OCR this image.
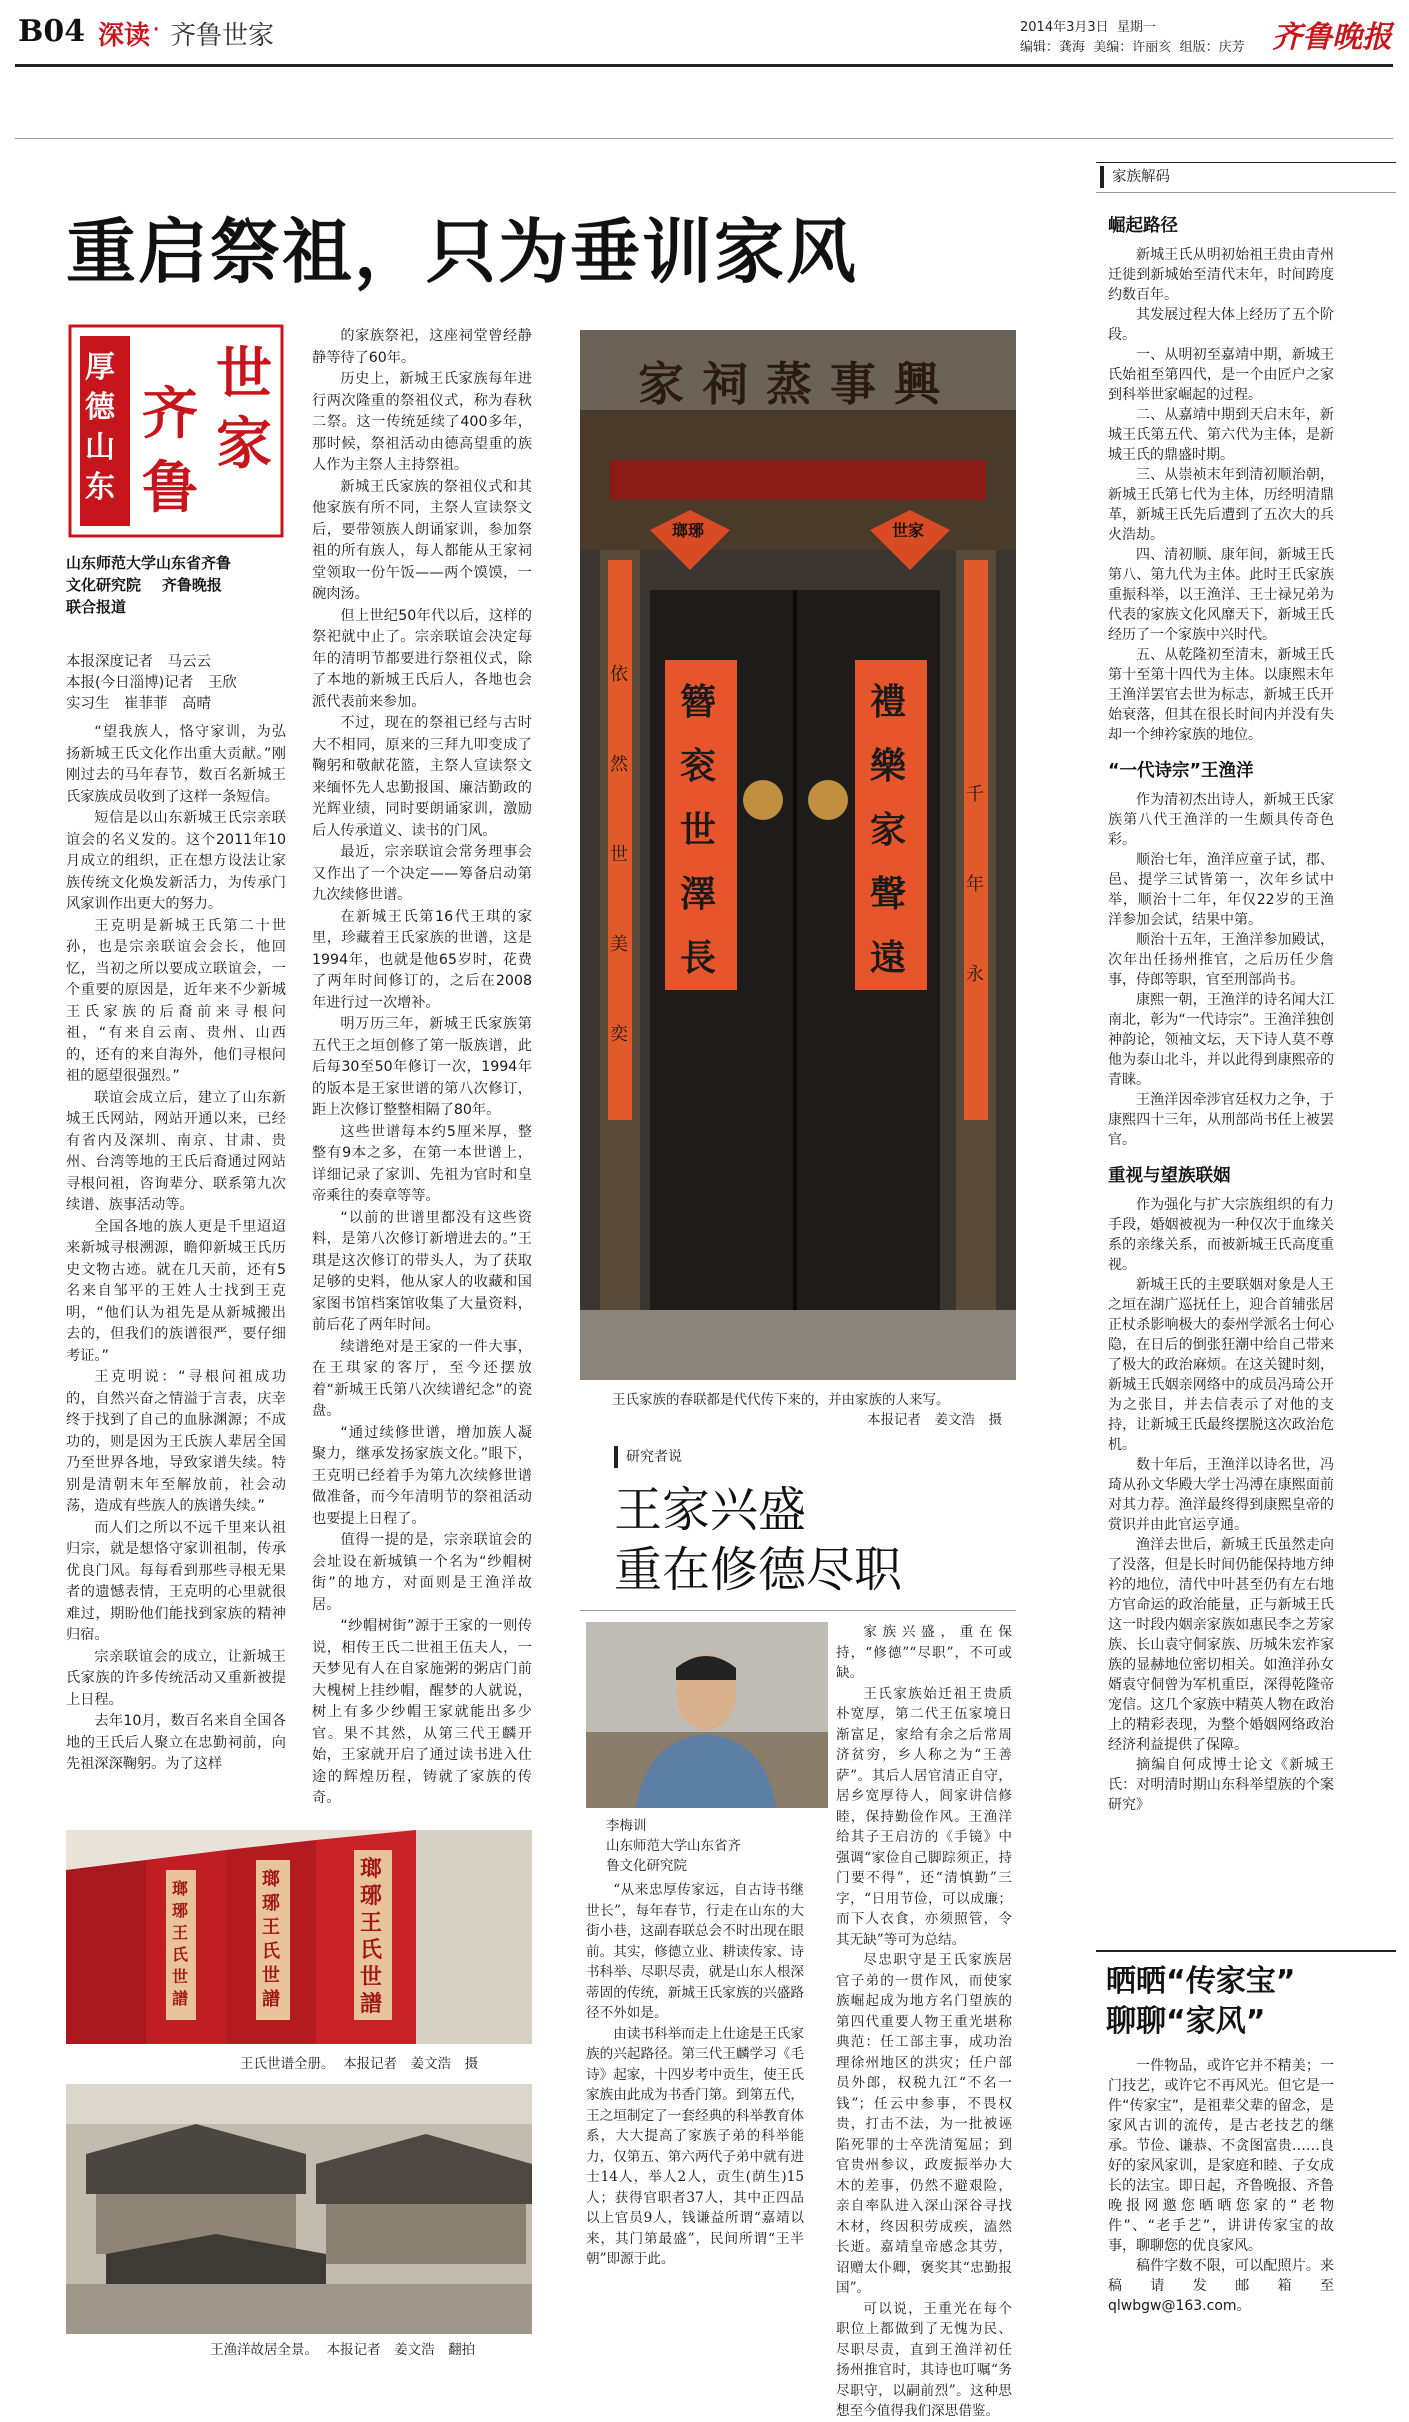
B04 深读 · 齐鲁世家	2014年3月3日 星期一
编辑：龚海 美编：许丽亥 组版：庆芳 齐鲁晚报
重启祭祖，只为垂训家风
厚德山东
世
家
齐
鲁
山东师范大学山东省齐鲁
文化研究院 齐鲁晚报
联合报道
本报深度记者　马云云
本报(今日淄博)记者　王欣
实习生　崔菲菲　高晴

“望我族人，恪守家训，为弘扬新城王氏文化作出重大贡献。”刚刚过去的马年春节，数百名新城王氏家族成员收到了这样一条短信。

短信是以山东新城王氏宗亲联谊会的名义发的。这个2011年10月成立的组织，正在想方设法让家族传统文化焕发新活力，为传承门风家训作出更大的努力。

王克明是新城王氏第二十世孙，也是宗亲联谊会会长，他回忆，当初之所以要成立联谊会，一个重要的原因是，近年来不少新城王氏家族的后裔前来寻根问祖，“有来自云南、贵州、山西的，还有的来自海外，他们寻根问祖的愿望很强烈。”

联谊会成立后，建立了山东新城王氏网站，网站开通以来，已经有省内及深圳、南京、甘肃、贵州、台湾等地的王氏后裔通过网站寻根问祖，咨询辈分、联系第九次续谱、族事活动等。

全国各地的族人更是千里迢迢来新城寻根溯源，瞻仰新城王氏历史文物古迹。就在几天前，还有5名来自邹平的王姓人士找到王克明，“他们认为祖先是从新城搬出去的，但我们的族谱很严，要仔细考证。”

王克明说：“寻根问祖成功的，自然兴奋之情溢于言表，庆幸终于找到了自己的血脉渊源；不成功的，则是因为王氏族人辈居全国乃至世界各地，导致家谱失续。特别是清朝末年至解放前，社会动荡，造成有些族人的族谱失续。”

而人们之所以不远千里来认祖归宗，就是想恪守家训祖制，传承优良门风。每每看到那些寻根无果者的遗憾表情，王克明的心里就很难过，期盼他们能找到家族的精神归宿。

宗亲联谊会的成立，让新城王氏家族的许多传统活动又重新被提上日程。

去年10月，数百名来自全国各地的王氏后人聚立在忠勤祠前，向先祖深深鞠躬。为了这样

的家族祭祀，这座祠堂曾经静静等待了60年。

历史上，新城王氏家族每年进行两次隆重的祭祖仪式，称为春秋二祭。这一传统延续了400多年，那时候，祭祖活动由德高望重的族人作为主祭人主持祭祖。

新城王氏家族的祭祖仪式和其他家族有所不同，主祭人宣读祭文后，要带领族人朗诵家训，参加祭祖的所有族人，每人都能从王家祠堂领取一份午饭——两个馍馍，一碗肉汤。

但上世纪50年代以后，这样的祭祀就中止了。宗亲联谊会决定每年的清明节都要进行祭祖仪式，除了本地的新城王氏后人，各地也会派代表前来参加。

不过，现在的祭祖已经与古时大不相同，原来的三拜九叩变成了鞠躬和敬献花篮，主祭人宣读祭文来缅怀先人忠勤报国、廉洁勤政的光辉业绩，同时要朗诵家训，激励后人传承道义、读书的门风。

最近，宗亲联谊会常务理事会又作出了一个决定——筹备启动第九次续修世谱。

在新城王氏第16代王琪的家里，珍藏着王氏家族的世谱，这是1994年，也就是他65岁时，花费了两年时间修订的，之后在2008年进行过一次增补。

明万历三年，新城王氏家族第五代王之垣创修了第一版族谱，此后每30至50年修订一次，1994年的版本是王家世谱的第八次修订，距上次修订整整相隔了80年。

这些世谱每本约5厘米厚，整整有9本之多，在第一本世谱上，详细记录了家训、先祖为官时和皇帝乘往的奏章等等。

“以前的世谱里都没有这些资料，是第八次修订新增进去的。”王琪是这次修订的带头人，为了获取足够的史料，他从家人的收藏和国家图书馆档案馆收集了大量资料，前后花了两年时间。

续谱绝对是王家的一件大事，在王琪家的客厅，至今还摆放着“新城王氏第八次续谱纪念”的瓷盘。

“通过续修世谱，增加族人凝聚力，继承发扬家族文化。”眼下，王克明已经着手为第九次续修世谱做准备，而今年清明节的祭祖活动也要提上日程了。

值得一提的是，宗亲联谊会的会址设在新城镇一个名为“纱帽树街”的地方，对面则是王渔洋故居。

“纱帽树街”源于王家的一则传说，相传王氏二世祖王伍夫人，一天梦见有人在自家施粥的粥店门前大槐树上挂纱帽，醒梦的人就说，树上有多少纱帽王家就能出多少官。果不其然，从第三代王麟开始，王家就开启了通过读书进入仕途的辉煌历程，铸就了家族的传奇。

家祠蒸事興
瑯琊	世家
簪衮世澤長
禮樂家聲遠
依然世美奕
千年永
王氏家族的春联都是代代传下来的，并由家族的人来写。
本报记者　姜文浩　摄
研究者说
王家兴盛
重在修德尽职
李梅训
山东师范大学山东省齐
鲁文化研究院

“从来忠厚传家远，自古诗书继世长”，每年春节，行走在山东的大街小巷，这副春联总会不时出现在眼前。其实，修德立业、耕读传家、诗书科举、尽职尽责，就是山东人根深蒂固的传统，新城王氏家族的兴盛路径不外如是。

由读书科举而走上仕途是王氏家族的兴起路径。第三代王麟学习《毛诗》起家，十四岁考中贡生，使王氏家族由此成为书香门第。到第五代，王之垣制定了一套经典的科举教育体系，大大提高了家族子弟的科举能力，仅第五、第六两代子弟中就有进士14人，举人2人，贡生(荫生)15人；获得官职者37人，其中正四品以上官员9人，钱谦益所谓“嘉靖以来，其门第最盛”，民间所谓“王半朝”即源于此。

家族兴盛，重在保持，“修德”“尽职”，不可或缺。

王氏家族始迁祖王贵质朴宽厚，第二代王伍家境日渐富足，家给有余之后常周济贫穷，乡人称之为“王善萨”。其后人居官清正自守，居乡宽厚待人，闾家讲信修睦，保持勤俭作风。王渔洋给其子王启汸的《手镜》中强调“家俭自己脚踪须正，持门要不得”，还“清慎勤”三字，“日用节俭，可以成廉；而下人衣食，亦须照管，令其无缺”等可为总结。

尽忠职守是王氏家族居官子弟的一贯作风，而使家族崛起成为地方名门望族的第四代重要人物王重光堪称典范：任工部主事，成功治理徐州地区的洪灾；任户部员外郎，权税九江“不名一钱”；任云中参事，不畏权贵，打击不法，为一批被诬陷死罪的士卒洗清冤屈；到官贵州参议，政废振举办大木的差事，仍然不避艰险，亲自率队进入深山深谷寻找木材，终因积劳成疾，溘然长逝。嘉靖皇帝感念其劳，诏赠太仆卿，褒奖其“忠勤报国”。

可以说，王重光在每个职位上都做到了无愧为民、尽职尽责，直到王渔洋初任扬州推官时，其诗也叮嘱“务尽职守，以嗣前烈”。这种思想至今值得我们深思借鉴。

瑯琊王氏世譜
瑯琊王氏世譜
瑯琊王氏世譜
王氏世谱全册。 本报记者　姜文浩　摄
王渔洋故居全景。 本报记者　姜文浩　翻拍
家族解码
崛起路径

新城王氏从明初始祖王贵由青州迁徙到新城始至清代末年，时间跨度约数百年。

其发展过程大体上经历了五个阶段。

一、从明初至嘉靖中期，新城王氏始祖至第四代，是一个由匠户之家到科举世家崛起的过程。

二、从嘉靖中期到天启末年，新城王氏第五代、第六代为主体，是新城王氏的鼎盛时期。

三、从崇祯末年到清初顺治朝，新城王氏第七代为主体，历经明清鼎革，新城王氏先后遭到了五次大的兵火浩劫。

四、清初顺、康年间，新城王氏第八、第九代为主体。此时王氏家族重振科举，以王渔洋、王士禄兄弟为代表的家族文化风靡天下，新城王氏经历了一个家族中兴时代。

五、从乾隆初至清末，新城王氏第十至第十四代为主体。以康熙末年王渔洋罢官去世为标志，新城王氏开始衰落，但其在很长时间内并没有失却一个绅衿家族的地位。

“一代诗宗”王渔洋

作为清初杰出诗人，新城王氏家族第八代王渔洋的一生颇具传奇色彩。

顺治七年，渔洋应童子试，郡、邑、提学三试皆第一，次年乡试中举，顺治十二年，年仅22岁的王渔洋参加会试，结果中第。

顺治十五年，王渔洋参加殿试，次年出任扬州推官，之后历任少詹事，侍郎等职，官至刑部尚书。

康熙一朝，王渔洋的诗名闻大江南北，彰为“一代诗宗”。王渔洋独创神韵论，领袖文坛，天下诗人莫不尊他为泰山北斗，并以此得到康熙帝的青睐。

王渔洋因牵涉官廷权力之争，于康熙四十三年，从刑部尚书任上被罢官。

重视与望族联姻

作为强化与扩大宗族组织的有力手段，婚姻被视为一种仅次于血缘关系的亲缘关系，而被新城王氏高度重视。

新城王氏的主要联姻对象是人王之垣在湖广巡抚任上，迎合首辅张居正杖杀影响极大的泰州学派名士何心隐，在日后的倒张狂潮中给自己带来了极大的政治麻烦。在这关键时刻，新城王氏姻亲网络中的成员冯琦公开为之张目，并去信表示了对他的支持，让新城王氏最终摆脱这次政治危机。

数十年后，王渔洋以诗名世，冯琦从孙文华殿大学士冯溥在康熙面前对其力荐。渔洋最终得到康熙皇帝的赏识并由此官运亨通。

渔洋去世后，新城王氏虽然走向了没落，但是长时间仍能保持地方绅衿的地位，清代中叶甚至仍有左右地方官命运的政治能量，正与新城王氏这一时段内姻亲家族如惠民李之芳家族、长山袁守侗家族、历城朱宏祚家族的显赫地位密切相关。如渔洋孙女婿袁守侗曾为军机重臣，深得乾隆帝宠信。这几个家族中精英人物在政治上的精彩表现，为整个婚姻网络政治经济利益提供了保障。

摘编自何成博士论文《新城王氏：对明清时期山东科举望族的个案研究》

晒晒“传家宝”
聊聊“家风”

一件物品，或许它并不精美；一门技艺，或许它不再风光。但它是一件“传家宝”，是祖辈父辈的留念，是家风古训的流传，是古老技艺的继承。节俭、谦恭、不贪图富贵……良好的家风家训，是家庭和睦、子女成长的法宝。即日起，齐鲁晚报、齐鲁晚报网邀您晒晒您家的“老物件”、“老手艺”，讲讲传家宝的故事，聊聊您的优良家风。

稿件字数不限，可以配照片。来稿请发邮箱至qlwbgw@163.com。
